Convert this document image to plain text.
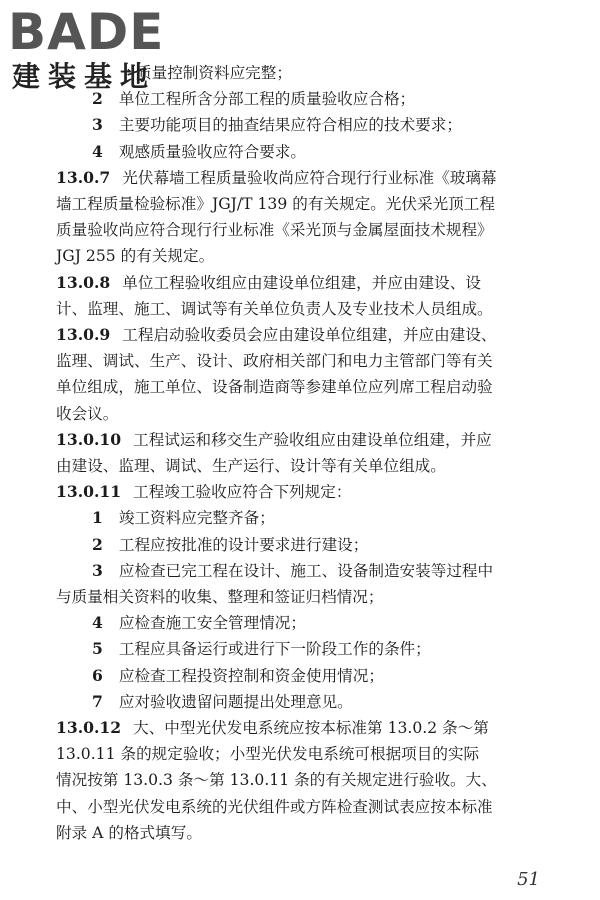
BADE
建装基地
质量控制资料应完整；
2 单位工程所含分部工程的质量验收应合格；
3 主要功能项目的抽查结果应符合相应的技术要求；
4 观感质量验收应符合要求。
13.0.7 光伏幕墙工程质量验收尚应符合现行行业标准《玻璃幕
墙工程质量检验标准》JGJ/T 139 的有关规定。光伏采光顶工程
质量验收尚应符合现行行业标准《采光顶与金属屋面技术规程》
JGJ 255 的有关规定。
13.0.8 单位工程验收组应由建设单位组建，并应由建设、设
计、监理、施工、调试等有关单位负责人及专业技术人员组成。
13.0.9 工程启动验收委员会应由建设单位组建，并应由建设、
监理、调试、生产、设计、政府相关部门和电力主管部门等有关
单位组成，施工单位、设备制造商等参建单位应列席工程启动验
收会议。
13.0.10 工程试运和移交生产验收组应由建设单位组建，并应
由建设、监理、调试、生产运行、设计等有关单位组成。
13.0.11 工程竣工验收应符合下列规定：
1 竣工资料应完整齐备；
2 工程应按批准的设计要求进行建设；
3 应检查已完工程在设计、施工、设备制造安装等过程中
与质量相关资料的收集、整理和签证归档情况；
4 应检查施工安全管理情况；
5 工程应具备运行或进行下一阶段工作的条件；
6 应检查工程投资控制和资金使用情况；
7 应对验收遗留问题提出处理意见。
13.0.12 大、中型光伏发电系统应按本标准第 13.0.2 条～第
13.0.11 条的规定验收；小型光伏发电系统可根据项目的实际
情况按第 13.0.3 条～第 13.0.11 条的有关规定进行验收。大、
中、小型光伏发电系统的光伏组件或方阵检查测试表应按本标准
附录 A 的格式填写。
51
